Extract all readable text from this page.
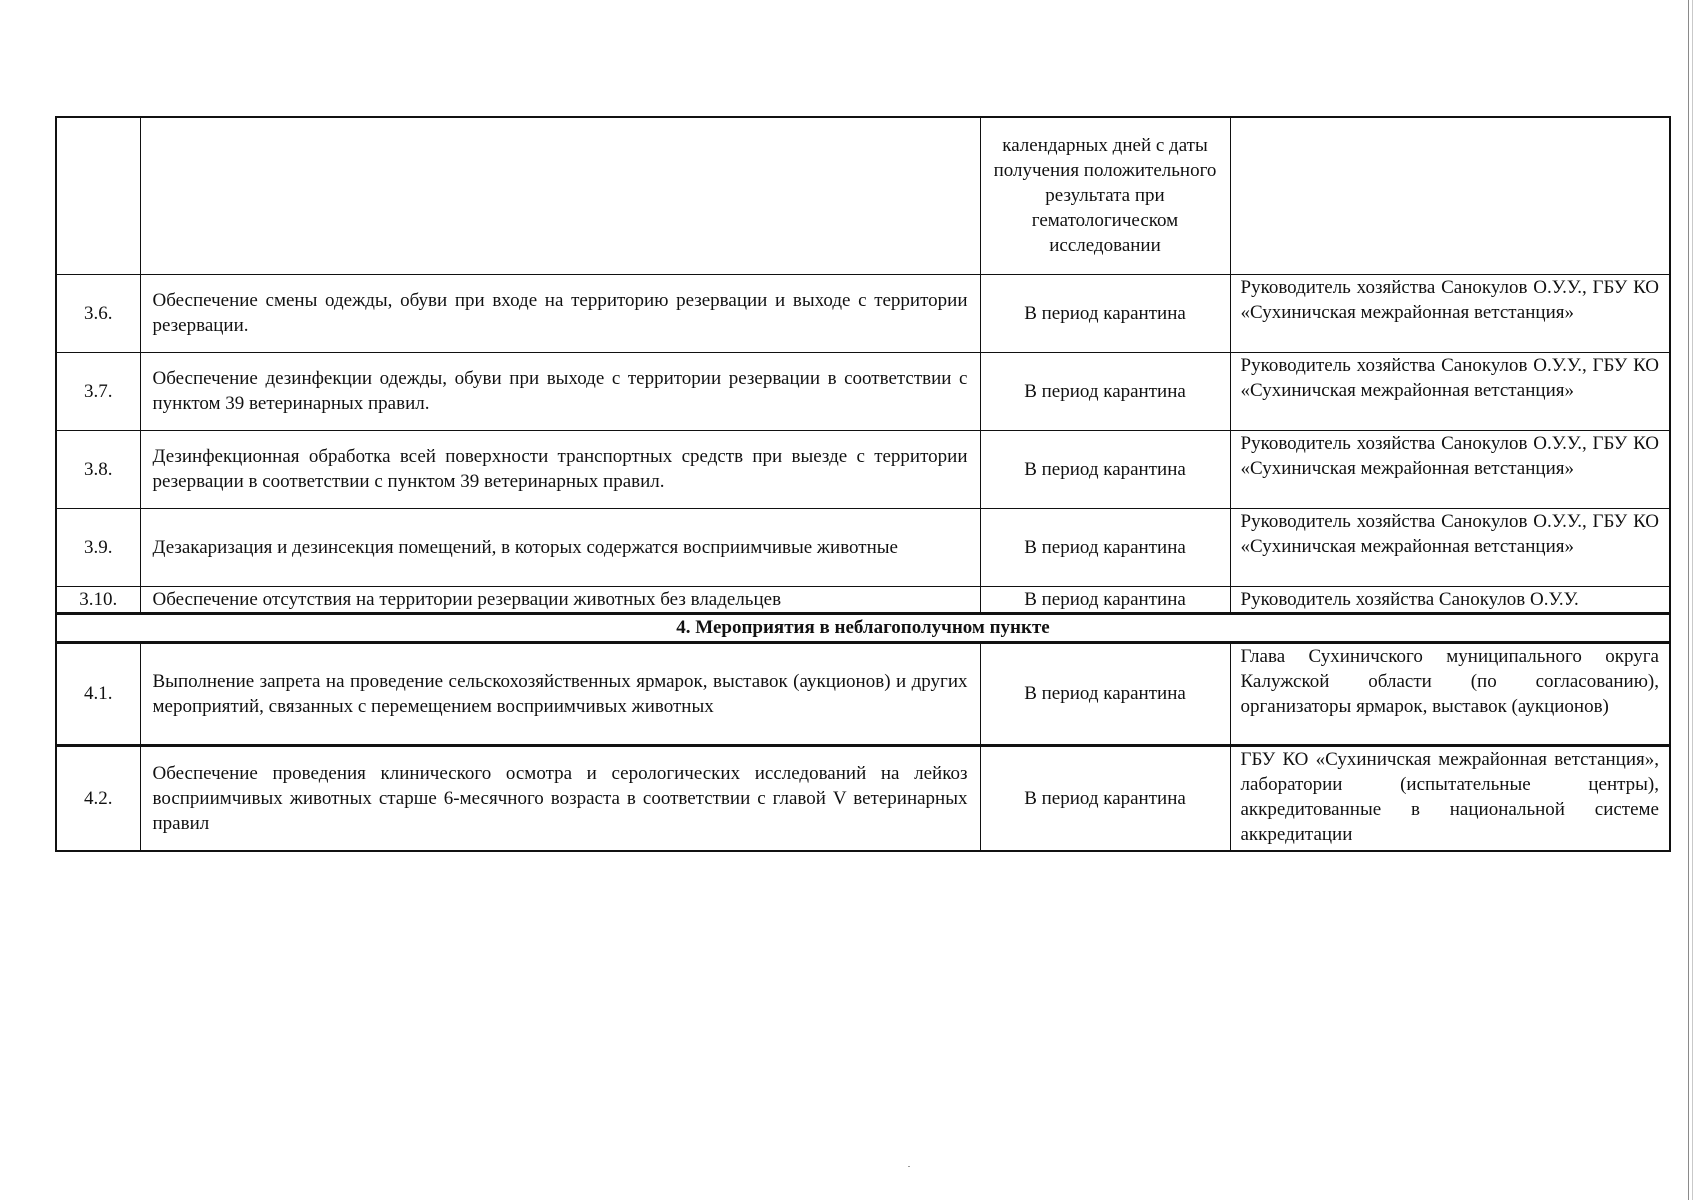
		календарных дней с даты получения положительного результата при гематологическом исследовании	
3.6.	Обеспечение смены одежды, обуви при входе на территорию резервации и выходе с территории резервации.	В период карантина	Руководитель хозяйства Санокулов О.У.У., ГБУ КО «Сухиничская межрайонная ветстанция»
3.7.	Обеспечение дезинфекции одежды, обуви при выходе с территории резервации в соответствии с пунктом 39 ветеринарных правил.	В период карантина	Руководитель хозяйства Санокулов О.У.У., ГБУ КО «Сухиничская межрайонная ветстанция»
3.8.	Дезинфекционная обработка всей поверхности транспортных средств при выезде с территории резервации в соответствии с пунктом 39 ветеринарных правил.	В период карантина	Руководитель хозяйства Санокулов О.У.У., ГБУ КО «Сухиничская межрайонная ветстанция»
3.9.	Дезакаризация и дезинсекция помещений, в которых содержатся восприимчивые животные	В период карантина	Руководитель хозяйства Санокулов О.У.У., ГБУ КО «Сухиничская межрайонная ветстанция»
3.10.	Обеспечение отсутствия на территории резервации животных без владельцев	В период карантина	Руководитель хозяйства Санокулов О.У.У.
4. Мероприятия в неблагополучном пункте			
4.1.	Выполнение запрета на проведение сельскохозяйственных ярмарок, выставок (аукционов) и других мероприятий, связанных с перемещением восприимчивых животных	В период карантина	Глава Сухиничского муниципального округа Калужской области (по согласованию), организаторы ярмарок, выставок (аукционов)
4.2.	Обеспечение проведения клинического осмотра и серологических исследований на лейкоз восприимчивых животных старше 6-месячного возраста в соответствии с главой V ветеринарных правил	В период карантина	ГБУ КО «Сухиничская межрайонная ветстанция», лаборатории (испытательные центры), аккредитованные в национальной системе аккредитации
